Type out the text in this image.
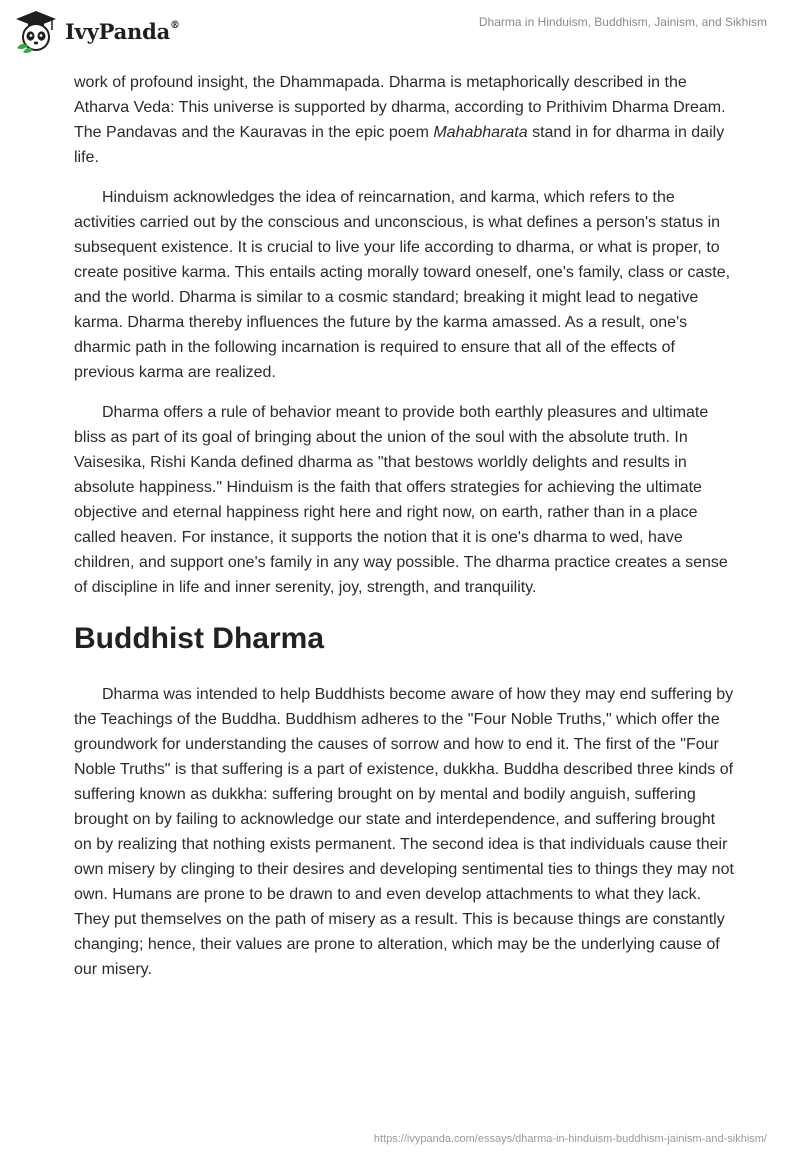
IvyPanda®	Dharma in Hinduism, Buddhism, Jainism, and Sikhism

work of profound insight, the Dhammapada. Dharma is metaphorically described in the Atharva Veda: This universe is supported by dharma, according to Prithivim Dharma Dream. The Pandavas and the Kauravas in the epic poem Mahabharata stand in for dharma in daily life.

Hinduism acknowledges the idea of reincarnation, and karma, which refers to the activities carried out by the conscious and unconscious, is what defines a person's status in subsequent existence. It is crucial to live your life according to dharma, or what is proper, to create positive karma. This entails acting morally toward oneself, one's family, class or caste, and the world. Dharma is similar to a cosmic standard; breaking it might lead to negative karma. Dharma thereby influences the future by the karma amassed. As a result, one's dharmic path in the following incarnation is required to ensure that all of the effects of previous karma are realized.

Dharma offers a rule of behavior meant to provide both earthly pleasures and ultimate bliss as part of its goal of bringing about the union of the soul with the absolute truth. In Vaisesika, Rishi Kanda defined dharma as "that bestows worldly delights and results in absolute happiness." Hinduism is the faith that offers strategies for achieving the ultimate objective and eternal happiness right here and right now, on earth, rather than in a place called heaven. For instance, it supports the notion that it is one's dharma to wed, have children, and support one's family in any way possible. The dharma practice creates a sense of discipline in life and inner serenity, joy, strength, and tranquility.

Buddhist Dharma

Dharma was intended to help Buddhists become aware of how they may end suffering by the Teachings of the Buddha. Buddhism adheres to the "Four Noble Truths," which offer the groundwork for understanding the causes of sorrow and how to end it. The first of the "Four Noble Truths" is that suffering is a part of existence, dukkha. Buddha described three kinds of suffering known as dukkha: suffering brought on by mental and bodily anguish, suffering brought on by failing to acknowledge our state and interdependence, and suffering brought on by realizing that nothing exists permanent. The second idea is that individuals cause their own misery by clinging to their desires and developing sentimental ties to things they may not own. Humans are prone to be drawn to and even develop attachments to what they lack. They put themselves on the path of misery as a result. This is because things are constantly changing; hence, their values are prone to alteration, which may be the underlying cause of our misery.

https://ivypanda.com/essays/dharma-in-hinduism-buddhism-jainism-and-sikhism/
